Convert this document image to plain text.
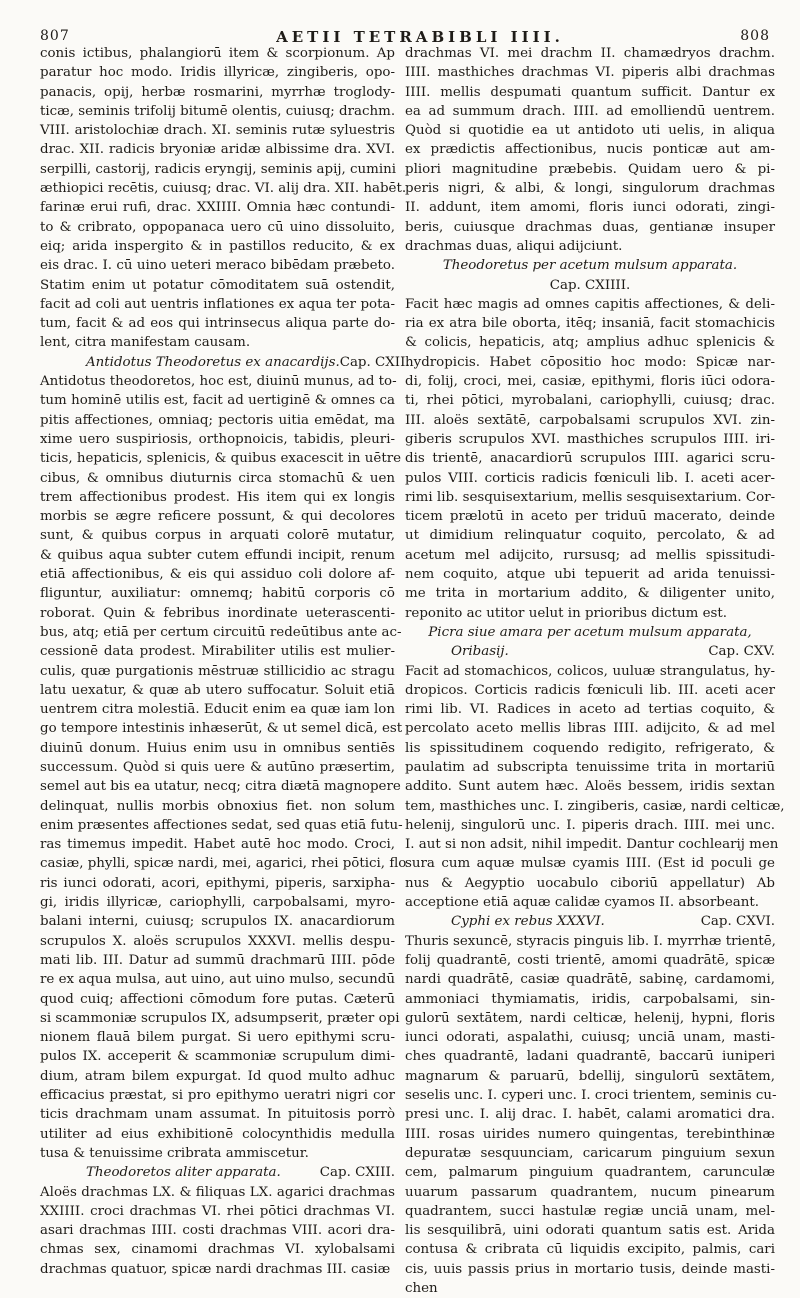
807	AETII TETRABIBLI IIII.	808
conis ictibus, phalangiorū item & scorpionum. Ap
paratur hoc modo. Iridis illyricæ, zingiberis, opo-
panacis, opij, herbæ rosmarini, myrrhæ troglody-
ticæ, seminis trifolij bitumē olentis, cuiusq; drachm.
VIII. aristolochiæ drach. XI. seminis rutæ syluestris
drac. XII. radicis bryoniæ aridæ albissime dra. XVI.
serpilli, castorij, radicis eryngij, seminis apij, cumini
æthiopici recētis, cuiusq; drac. VI. alij dra. XII. habēt.
farinæ erui rufi, drac. XXIIII. Omnia hæc contundi-
to & cribrato, oppopanaca uero cū uino dissoluito,
eiq; arida inspergito & in pastillos reducito, & ex
eis drac. I. cū uino ueteri meraco bibēdam præbeto.
Statim enim ut potatur cōmoditatem suā ostendit,
facit ad coli aut uentris inflationes ex aqua ter pota-
tum, facit & ad eos qui intrinsecus aliqua parte do-
lent, citra manifestam causam.
Antidotus Theodoretus ex anacardijs. Cap. CXII.
Antidotus theodoretos, hoc est, diuinū munus, ad to-
tum hominē utilis est, facit ad uertiginē & omnes ca
pitis affectiones, omniaq; pectoris uitia emēdat, ma
xime uero suspiriosis, orthopnoicis, tabidis, pleuri-
ticis, hepaticis, splenicis, & quibus exacescit in uētre
cibus, & omnibus diuturnis circa stomachū & uen
trem affectionibus prodest. His item qui ex longis
morbis se ægre reficere possunt, & qui decolores
sunt, & quibus corpus in arquati colorē mutatur,
& quibus aqua subter cutem effundi incipit, renum
etiā affectionibus, & eis qui assiduo coli dolore af-
fliguntur, auxiliatur: omnemq; habitū corporis cō
roborat. Quin & febribus inordinate ueterascenti-
bus, atq; etiā per certum circuitū redeūtibus ante ac-
cessionē data prodest. Mirabiliter utilis est mulier-
culis, quæ purgationis mēstruæ stillicidio ac stragu
latu uexatur, & quæ ab utero suffocatur. Soluit etiā
uentrem citra molestiā. Educit enim ea quæ iam lon
go tempore intestinis inhæserūt, & ut semel dicā, est
diuinū donum. Huius enim usu in omnibus sentiēs
successum. Quòd si quis uere & autūno præsertim,
semel aut bis ea utatur, necq; citra diætā magnopere
delinquat, nullis morbis obnoxius fiet. non solum
enim præsentes affectiones sedat, sed quas etiā futu-
ras timemus impedit. Habet autē hoc modo. Croci,
casiæ, phylli, spicæ nardi, mei, agarici, rhei pōtici, flo
ris iunci odorati, acori, epithymi, piperis, sarxipha-
gi, iridis illyricæ, cariophylli, carpobalsami, myro-
balani interni, cuiusq; scrupulos IX. anacardiorum
scrupulos X. aloës scrupulos XXXVI. mellis despu-
mati lib. III. Datur ad summū drachmarū IIII. pōde
re ex aqua mulsa, aut uino, aut uino mulso, secundū
quod cuiq; affectioni cōmodum fore putas. Cæterū
si scammoniæ scrupulos IX, adsumpserit, præter opi
nionem flauā bilem purgat. Si uero epithymi scru-
pulos IX. acceperit & scammoniæ scrupulum dimi-
dium, atram bilem expurgat. Id quod multo adhuc
efficacius præstat, si pro epithymo ueratri nigri cor
ticis drachmam unam assumat. In pituitosis porrò
utiliter ad eius exhibitionē colocynthidis medulla
tusa & tenuissime cribrata ammiscetur.
Theodoretos aliter apparata.	Cap. CXIII.
Aloës drachmas LX. & filiquas LX. agarici drachmas
XXIIII. croci drachmas VI. rhei pōtici drachmas VI.
asari drachmas IIII. costi drachmas VIII. acori dra-
chmas sex, cinamomi drachmas VI. xylobalsami
drachmas quatuor, spicæ nardi drachmas III. casiæ
drachmas VI. mei drachm II. chamædryos drachm.
IIII. masthiches drachmas VI. piperis albi drachmas
IIII. mellis despumati quantum sufficit. Dantur ex
ea ad summum drach. IIII. ad emolliendū uentrem.
Quòd si quotidie ea ut antidoto uti uelis, in aliqua
ex prædictis affectionibus, nucis ponticæ aut am-
pliori magnitudine præbebis. Quidam uero & pi-
peris nigri, & albi, & longi, singulorum drachmas
II. addunt, item amomi, floris iunci odorati, zingi-
beris, cuiusque drachmas duas, gentianæ insuper
drachmas duas, aliqui adijciunt.
Theodoretus per acetum mulsum apparata.
Cap. CXIIII.
Facit hæc magis ad omnes capitis affectiones, & deli-
ria ex atra bile oborta, itēq; insaniā, facit stomachicis
& colicis, hepaticis, atq; amplius adhuc splenicis &
hydropicis. Habet cōpositio hoc modo: Spicæ nar-
di, folij, croci, mei, casiæ, epithymi, floris iūci odora-
ti, rhei pōtici, myrobalani, cariophylli, cuiusq; drac.
III. aloës sextātē, carpobalsami scrupulos XVI. zin-
giberis scrupulos XVI. masthiches scrupulos IIII. iri-
dis trientē, anacardiorū scrupulos IIII. agarici scru-
pulos VIII. corticis radicis fœniculi lib. I. aceti acer-
rimi lib. sesquisextarium, mellis sesquisextarium. Cor-
ticem prælotū in aceto per triduū macerato, deinde
ut dimidium relinquatur coquito, percolato, & ad
acetum mel adijcito, rursusq; ad mellis spissitudi-
nem coquito, atque ubi tepuerit ad arida tenuissi-
me trita in mortarium addito, & diligenter unito,
reponito ac utitor uelut in prioribus dictum est.
Picra siue amara per acetum mulsum apparata,
Oribasij.	Cap. CXV.
Facit ad stomachicos, colicos, uuluæ strangulatus, hy-
dropicos. Corticis radicis fœniculi lib. III. aceti acer
rimi lib. VI. Radices in aceto ad tertias coquito, &
percolato aceto mellis libras IIII. adijcito, & ad mel
lis spissitudinem coquendo redigito, refrigerato, &
paulatim ad subscripta tenuissime trita in mortariū
addito. Sunt autem hæc. Aloës bessem, iridis sextan
tem, masthiches unc. I. zingiberis, casiæ, nardi celticæ,
helenij, singulorū unc. I. piperis drach. IIII. mei unc.
I. aut si non adsit, nihil impedit. Dantur cochlearij men
sura cum aquæ mulsæ cyamis IIII. (Est id poculi ge
nus & Aegyptio uocabulo ciboriū appellatur) Ab
acceptione etiā aquæ calidæ cyamos II. absorbeant.
Cyphi ex rebus XXXVI.	Cap. CXVI.
Thuris sexuncē, styracis pinguis lib. I. myrrhæ trientē,
folij quadrantē, costi trientē, amomi quadrātē, spicæ
nardi quadrātē, casiæ quadrātē, sabinę, cardamomi,
ammoniaci thymiamatis, iridis, carpobalsami, sin-
gulorū sextātem, nardi celticæ, helenij, hypni, floris
iunci odorati, aspalathi, cuiusq; unciā unam, masti-
ches quadrantē, ladani quadrantē, baccarū iuniperi
magnarum & paruarū, bdellij, singulorū sextātem,
seselis unc. I. cyperi unc. I. croci trientem, seminis cu-
presi unc. I. alij drac. I. habēt, calami aromatici dra.
IIII. rosas uirides numero quingentas, terebinthinæ
depuratæ sesquunciam, caricarum pinguium sexun
cem, palmarum pinguium quadrantem, carunculæ
uuarum passarum quadrantem, nucum pinearum
quadrantem, succi hastulæ regiæ unciā unam, mel-
lis sesquilibrā, uini odorati quantum satis est. Arida
contusa & cribrata cū liquidis excipito, palmis, cari
cis, uuis passis prius in mortario tusis, deinde masti-
chen
